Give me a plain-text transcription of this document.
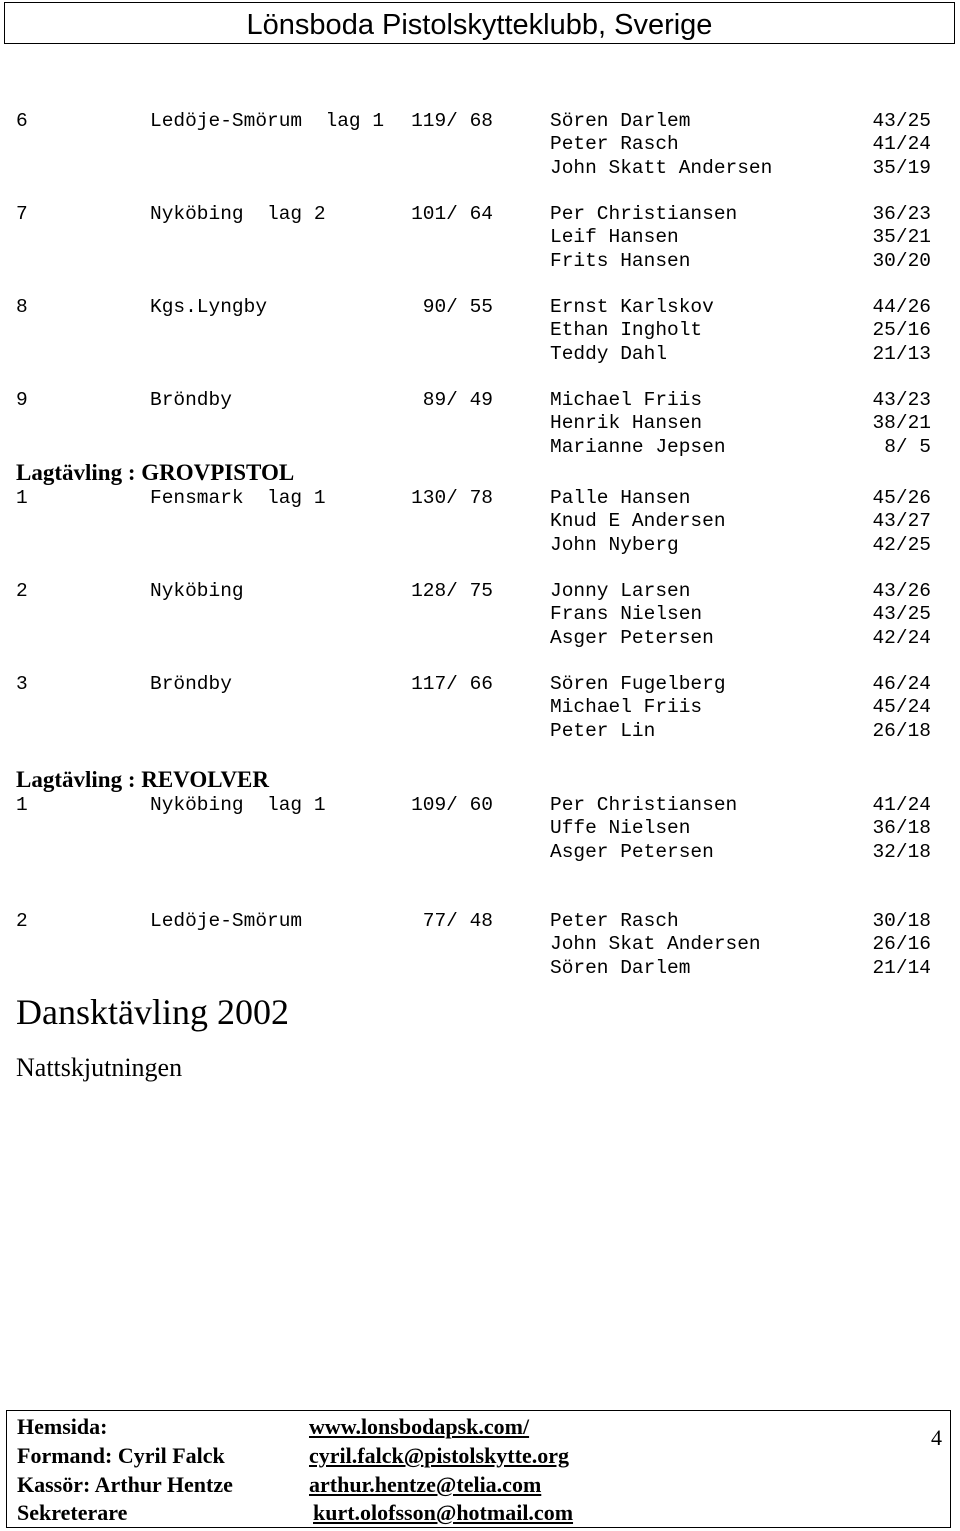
Lönsboda Pistolskytteklubb, Sverige
6	Ledöje-Smörum  lag 1 119/ 68	Sören Darlem	43/25
Peter Rasch	41/24
John Skatt Andersen	35/19
7	Nyköbing  lag 2	101/ 64	Per Christiansen	36/23
Leif Hansen	35/21
Frits Hansen	30/20
8	Kgs.Lyngby	90/ 55	Ernst Karlskov	44/26
Ethan Ingholt	25/16
Teddy Dahl	21/13
9	Bröndby	89/ 49	Michael Friis	43/23
Henrik Hansen	38/21
Marianne Jepsen	8/ 5
1	Fensmark  lag 1	130/ 78	Palle Hansen	45/26
Knud E Andersen	43/27
John Nyberg	42/25
2	Nyköbing	128/ 75	Jonny Larsen	43/26
Frans Nielsen	43/25
Asger Petersen	42/24
3	Bröndby	117/ 66	Sören Fugelberg	46/24
Michael Friis	45/24
Peter Lin	26/18
1	Nyköbing  lag 1	109/ 60	Per Christiansen	41/24
Uffe Nielsen	36/18
Asger Petersen	32/18
2	Ledöje-Smörum	77/ 48	Peter Rasch	30/18
John Skat Andersen	26/16
Sören Darlem	21/14
Lagtävling : GROVPISTOL
Lagtävling : REVOLVER
Dansktävling 2002
Nattskjutningen
Hemsida:	www.lonsbodapsk.com/
Formand: Cyril Falck	cyril.falck@pistolskytte.org
Kassör: Arthur Hentze	arthur.hentze@telia.com
Sekreterare	kurt.olofsson@hotmail.com
4
